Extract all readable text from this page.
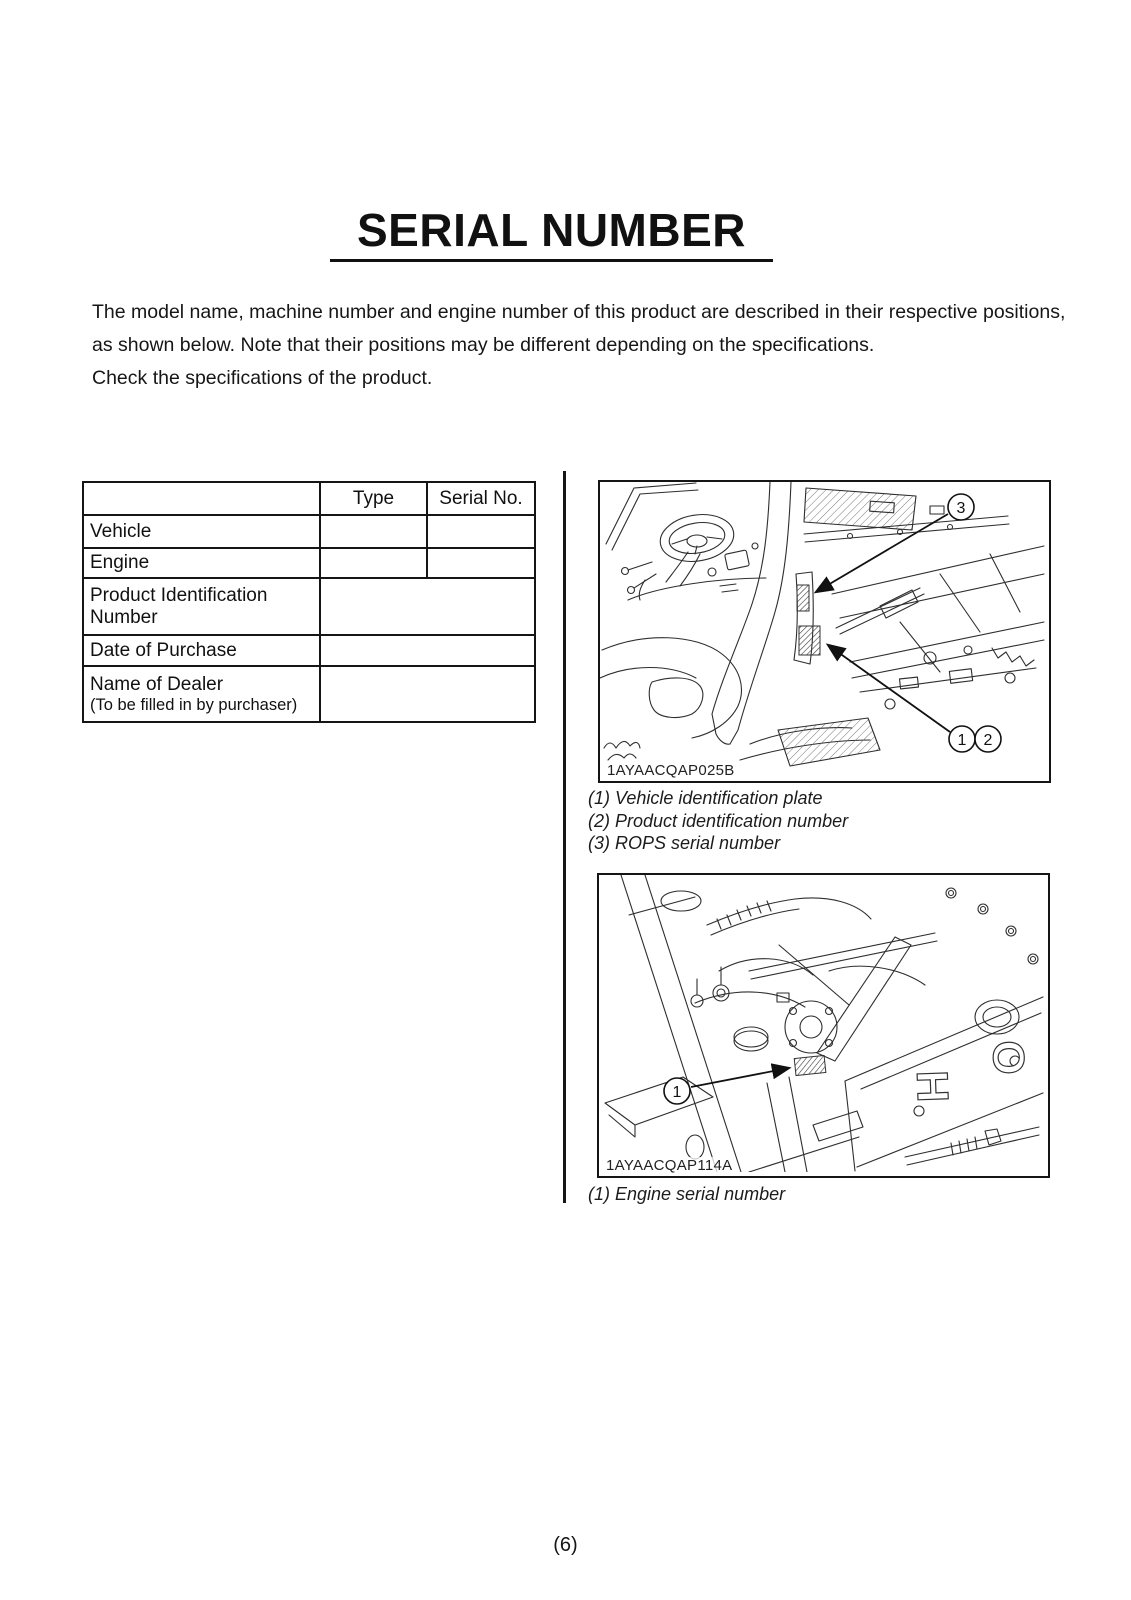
SERIAL NUMBER
The model name, machine number and engine number of this product are described in their respective positions,
as shown below. Note that their positions may be different depending on the specifications.
Check the specifications of the product.
	Type	Serial No.
Vehicle		
Engine		
Product Identification Number		
Date of Purchase		
Name of Dealer
(To be filled in by purchaser)		

3
1 2
1AYAACQAP025B
(1) Vehicle identification plate
(2) Product identification number
(3) ROPS serial number
H
O
1
1AYAACQAP114A
(1) Engine serial number
(6)
